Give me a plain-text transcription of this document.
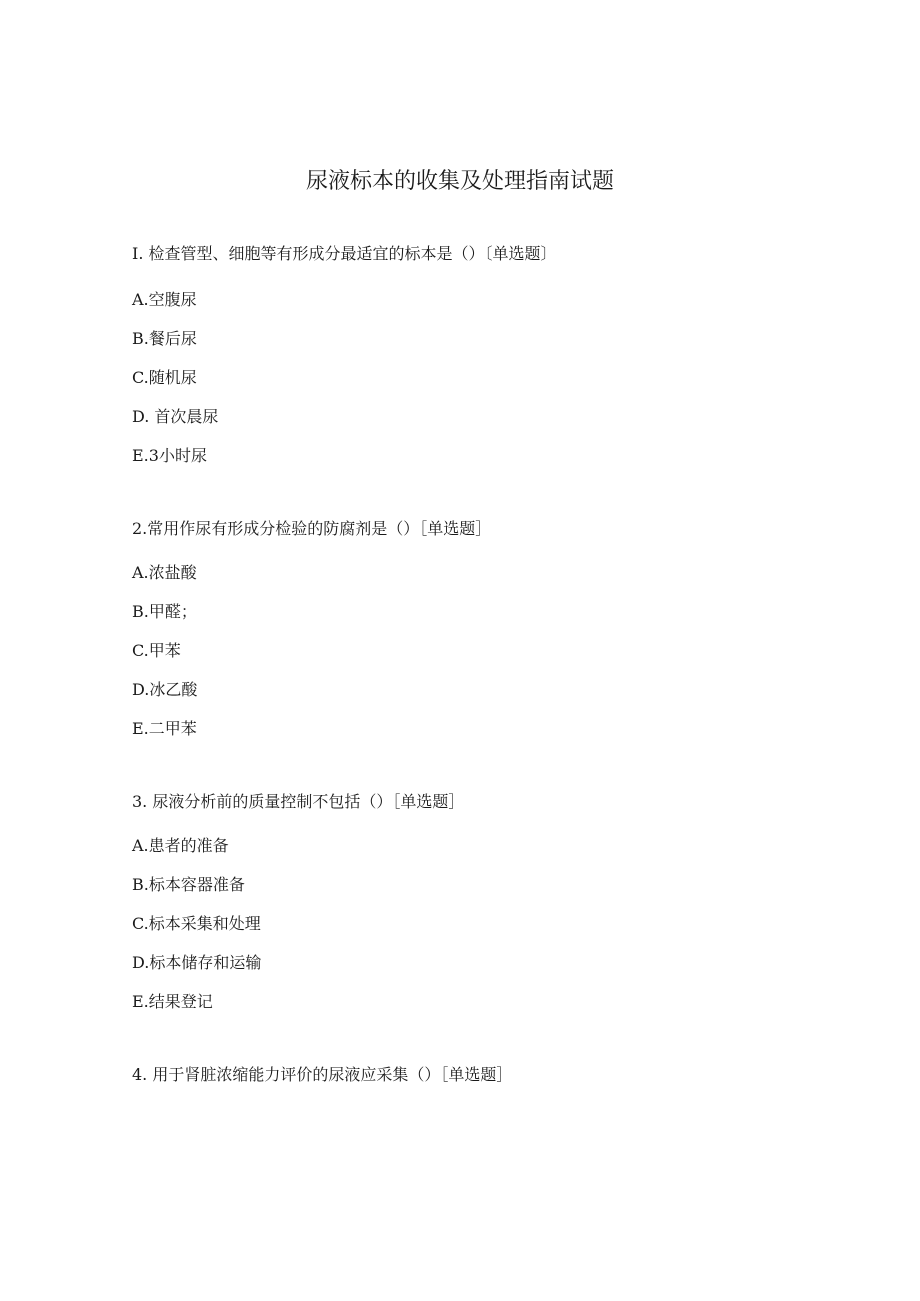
尿液标本的收集及处理指南试题
I. 检查管型、细胞等有形成分最适宜的标本是（）〔单选题〕
A.空腹尿
B.餐后尿
C.随机尿
D. 首次晨尿
E.3小时尿
2.常用作尿有形成分检验的防腐剂是（）［单选题］
A.浓盐酸
B.甲醛；
C.甲苯
D.冰乙酸
E.二甲苯
3. 尿液分析前的质量控制不包括（）［单选题］
A.患者的准备
B.标本容器准备
C.标本采集和处理
D.标本储存和运输
E.结果登记
4. 用于肾脏浓缩能力评价的尿液应采集（）［单选题］
